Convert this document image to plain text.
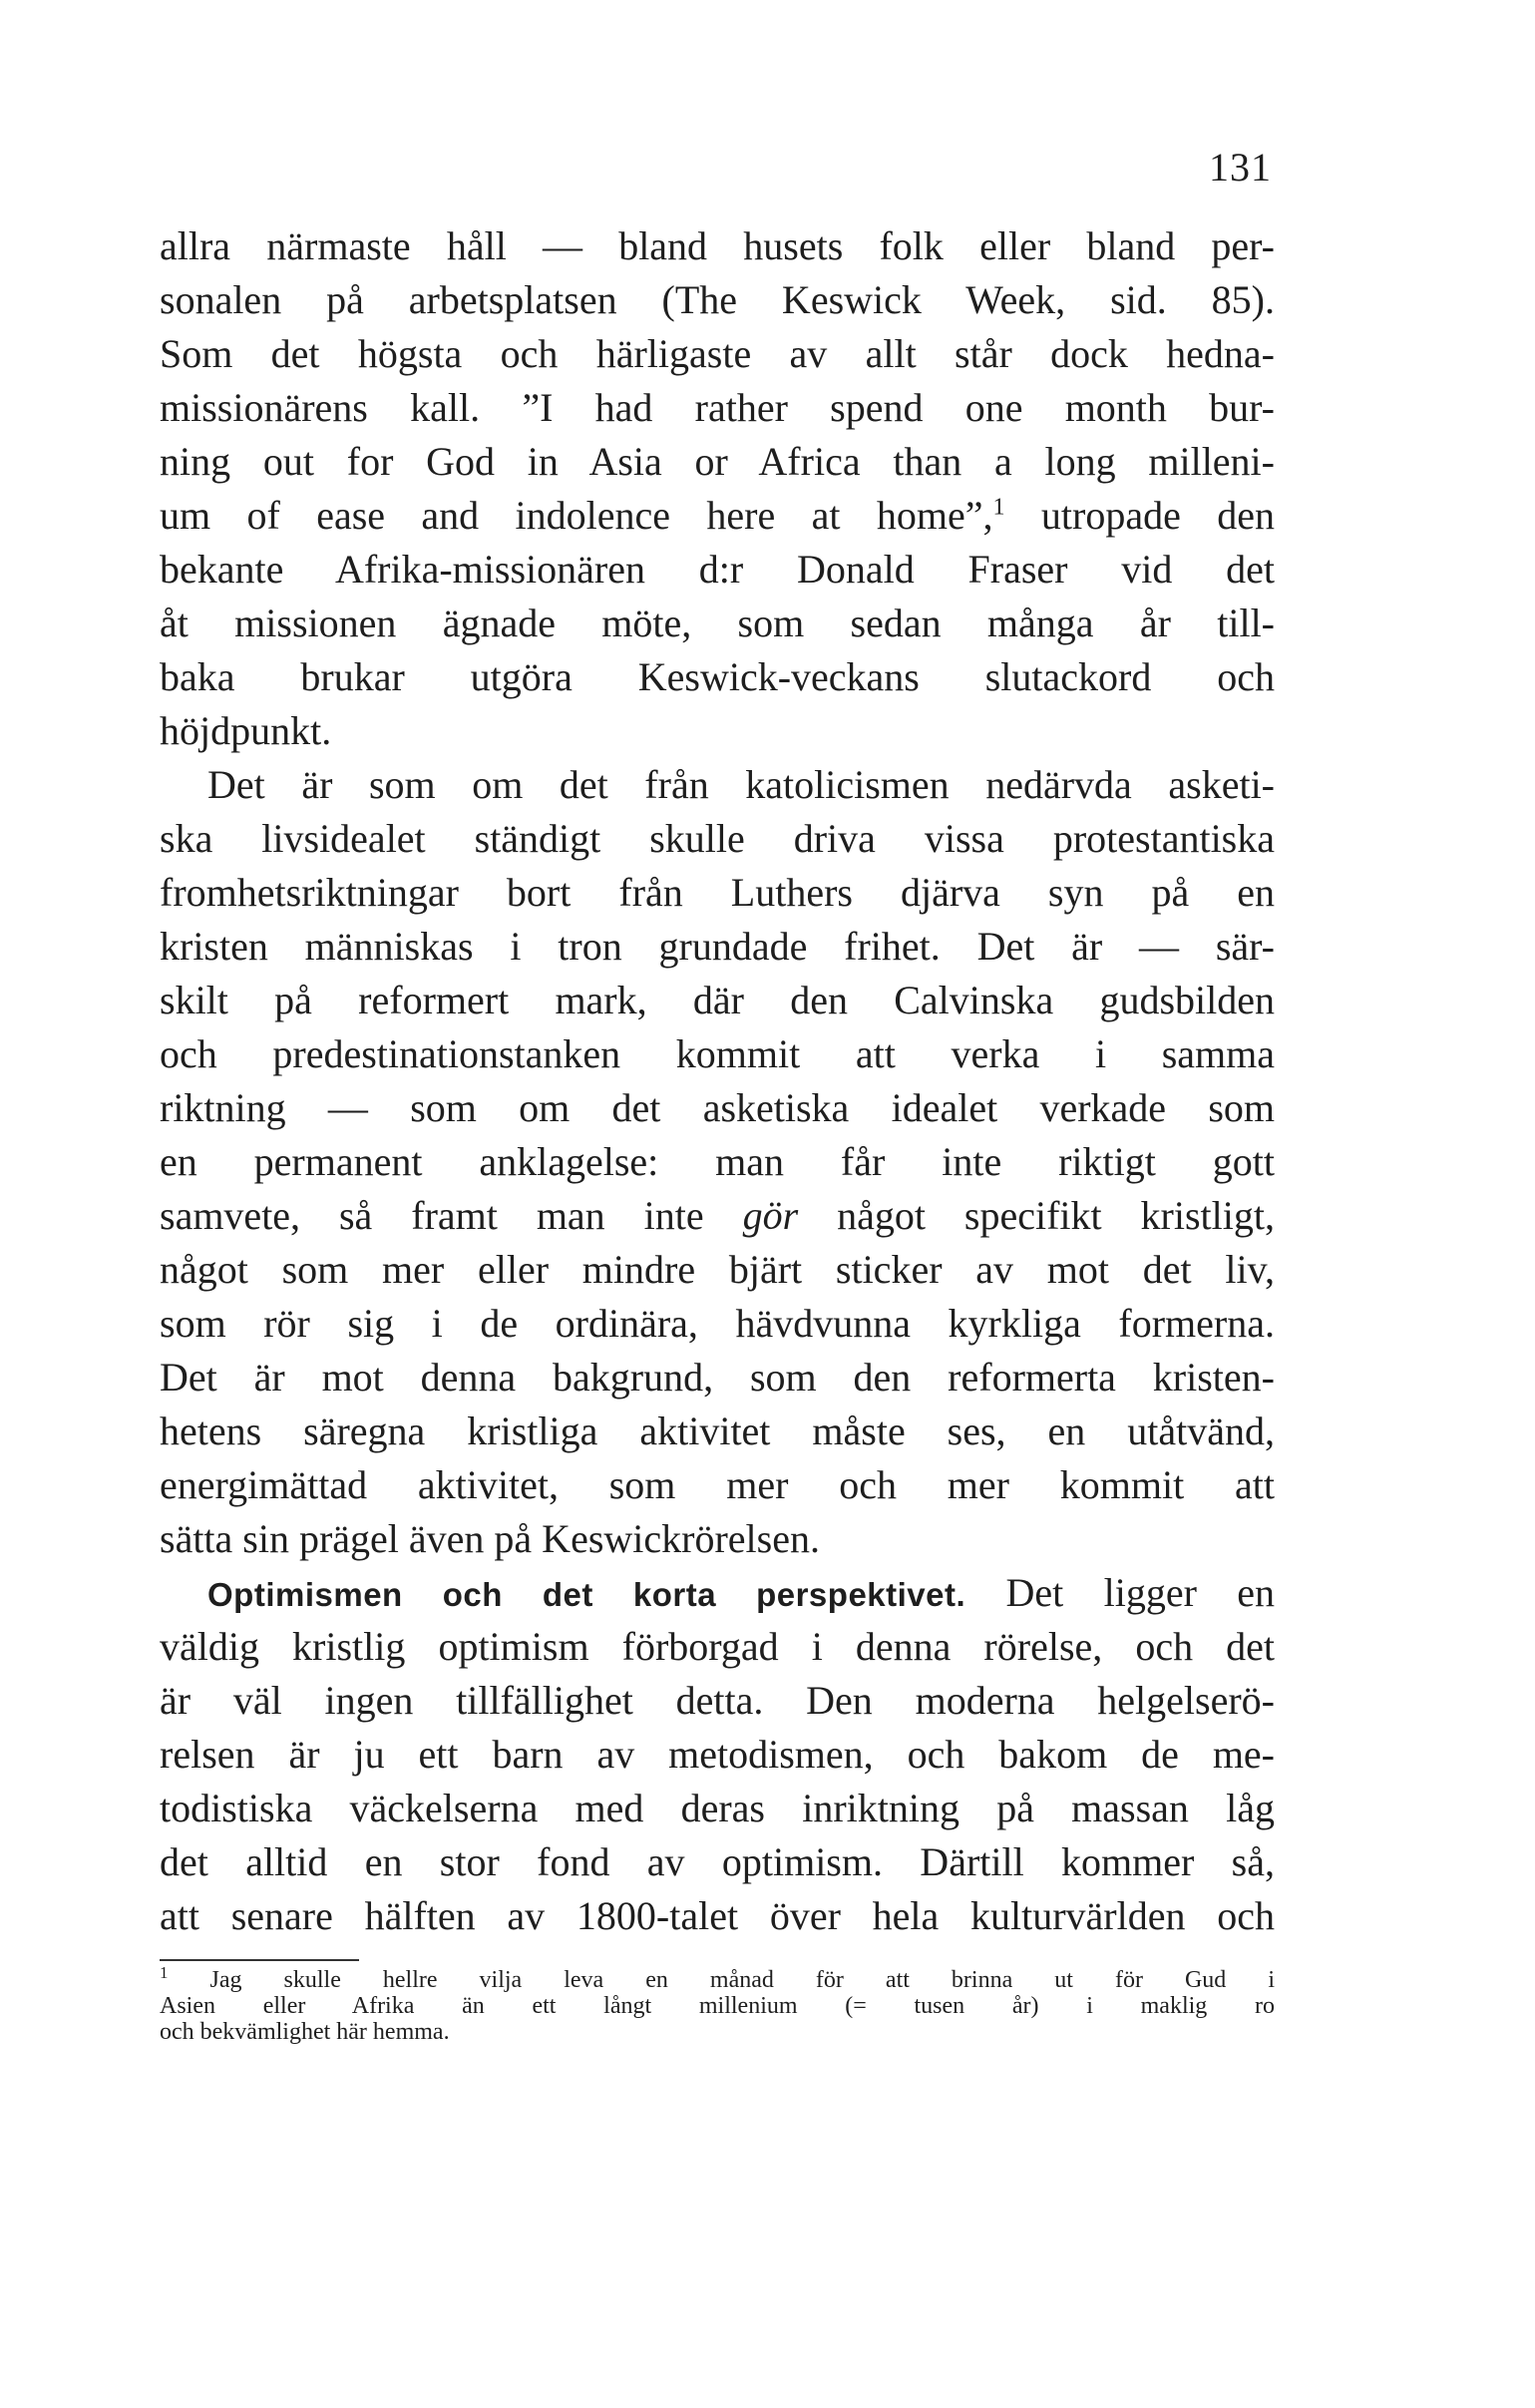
131
allra närmaste håll — bland husets folk eller bland per-
sonalen på arbetsplatsen (The Keswick Week, sid. 85).
Som det högsta och härligaste av allt står dock hedna-
missionärens kall. ”I had rather spend one month bur-
ning out for God in Asia or Africa than a long milleni-
um of ease and indolence here at home”,$^1$ utropade den
bekante Afrika-missionären d:r Donald Fraser vid det
åt missionen ägnade möte, som sedan många år till-
baka brukar utgöra Keswick-veckans slutackord och
höjdpunkt.
Det är som om det från katolicismen nedärvda asketi-
ska livsidealet ständigt skulle driva vissa protestantiska
fromhetsriktningar bort från Luthers djärva syn på en
kristen människas i tron grundade frihet. Det är — sär-
skilt på reformert mark, där den Calvinska gudsbilden
och predestinationstanken kommit att verka i samma
riktning — som om det asketiska idealet verkade som
en permanent anklagelse: man får inte riktigt gott
samvete, så framt man inte gör något specifikt kristligt,
något som mer eller mindre bjärt sticker av mot det liv,
som rör sig i de ordinära, hävdvunna kyrkliga formerna.
Det är mot denna bakgrund, som den reformerta kristen-
hetens säregna kristliga aktivitet måste ses, en utåtvänd,
energimättad aktivitet, som mer och mer kommit att
sätta sin prägel även på Keswickrörelsen.
Optimismen och det korta perspektivet. Det ligger en
väldig kristlig optimism förborgad i denna rörelse, och det
är väl ingen tillfällighet detta. Den moderna helgelserö-
relsen är ju ett barn av metodismen, och bakom de me-
todistiska väckelserna med deras inriktning på massan låg
det alltid en stor fond av optimism. Därtill kommer så,
att senare hälften av 1800-talet över hela kulturvärlden och
$^1$ Jag skulle hellre vilja leva en månad för att brinna ut för Gud i
Asien eller Afrika än ett långt millenium (= tusen år) i maklig ro
och bekvämlighet här hemma.
